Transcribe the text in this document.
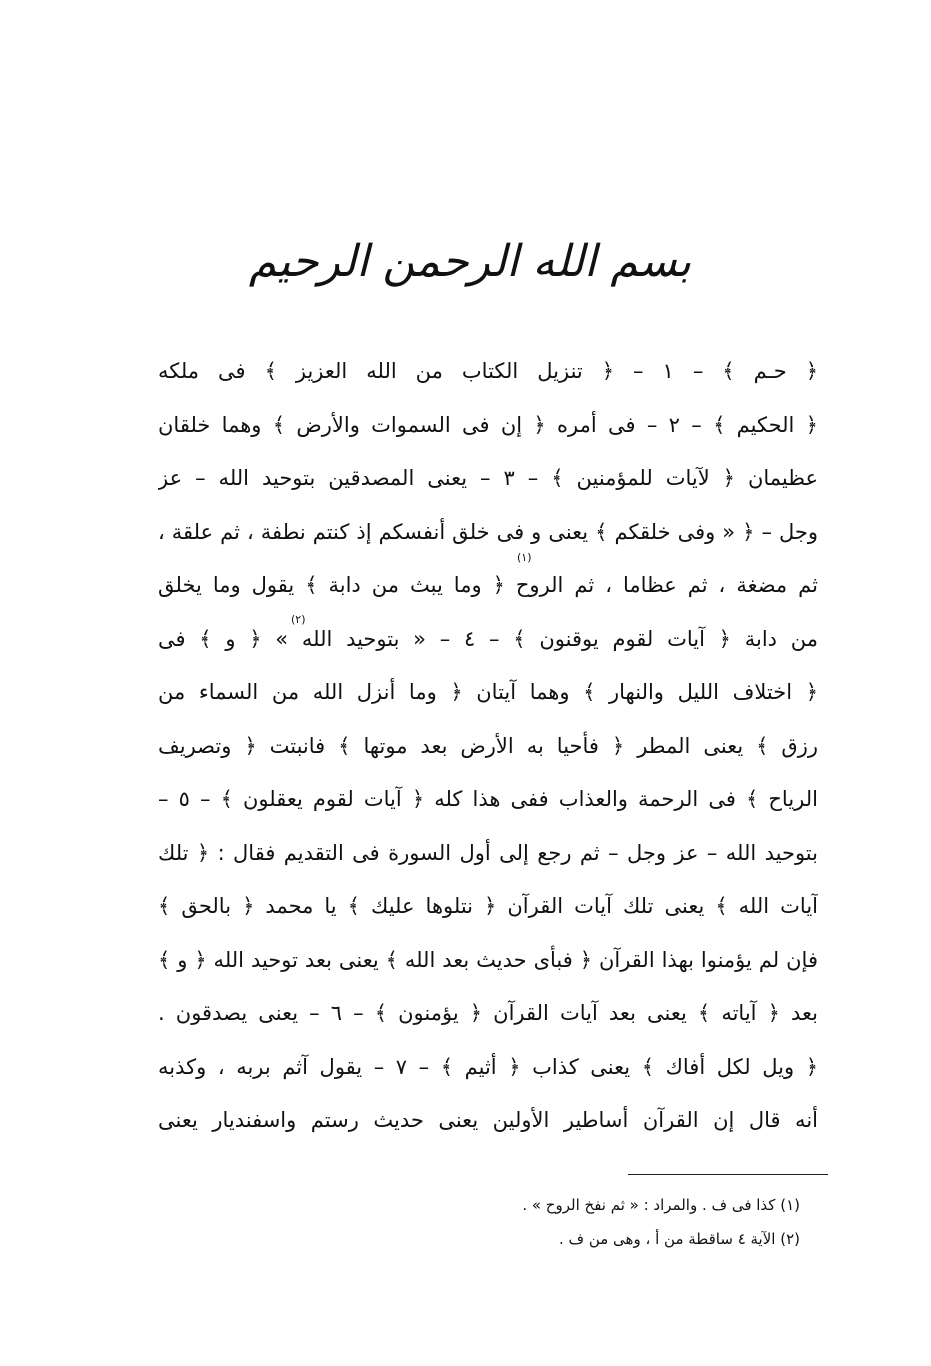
بسم الله الرحمن الرحيم
﴿ حـم ﴾ – ١ – ﴿ تنزيل الكتاب من الله العزيز ﴾ فى ملكه
﴿ الحكيم ﴾ – ٢ – فى أمره ﴿ إن فى السموات والأرض ﴾ وهما خلقان
عظيمان ﴿ لآيات للمؤمنين ﴾ – ٣ – يعنى المصدقين بتوحيد الله – عز
وجل – ﴿ « وفى خلقكم ﴾ يعنى و فى خلق أنفسكم إذ كنتم نطفة ، ثم علقة ،
ثم مضغة ، ثم عظاما ، ثم الروح ﴿ وما يبث من دابة ﴾ يقول وما يخلق
من دابة ﴿ آيات لقوم يوقنون ﴾ – ٤ – « بتوحيد الله » ﴿ و ﴾ فى
﴿ اختلاف الليل والنهار ﴾ وهما آيتان ﴿ وما أنزل الله من السماء من
رزق ﴾ يعنى المطر ﴿ فأحيا به الأرض بعد موتها ﴾ فانبتت ﴿ وتصريف
الرياح ﴾ فى الرحمة والعذاب ففى هذا كله ﴿ آيات لقوم يعقلون ﴾ – ٥ –
بتوحيد الله – عز وجل – ثم رجع إلى أول السورة فى التقديم فقال : ﴿ تلك
آيات الله ﴾ يعنى تلك آيات القرآن ﴿ نتلوها عليك ﴾ يا محمد ﴿ بالحق ﴾
فإن لم يؤمنوا بهذا القرآن ﴿ فبأى حديث بعد الله ﴾ يعنى بعد توحيد الله ﴿ و ﴾
بعد ﴿ آياته ﴾ يعنى بعد آيات القرآن ﴿ يؤمنون ﴾ – ٦ – يعنى يصدقون .
﴿ ويل لكل أفاك ﴾ يعنى كذاب ﴿ أثيم ﴾ – ٧ – يقول آثم بربه ، وكذبه
أنه قال إن القرآن أساطير الأولين يعنى حديث رستم واسفنديار يعنى
(١)
(٢)
(١) كذا فى ف . والمراد : « ثم نفخ الروح » .
(٢) الآية ٤ ساقطة من أ ، وهى من ف .
